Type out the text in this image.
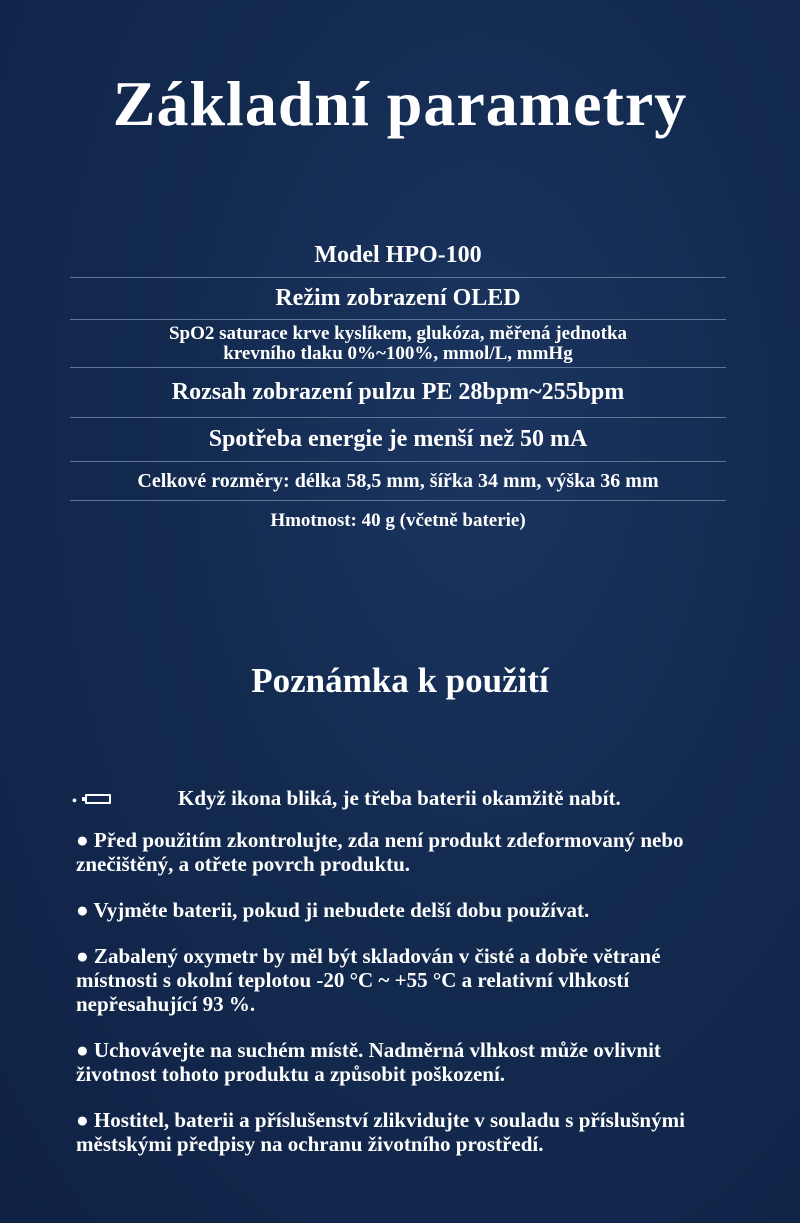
Základní parametry
Model HPO-100
Režim zobrazení OLED
SpO2 saturace krve kyslíkem, glukóza, měřená jednotka
krevního tlaku 0%~100%, mmol/L, mmHg
Rozsah zobrazení pulzu PE 28bpm~255bpm
Spotřeba energie je menší než 50 mA
Celkové rozměry: délka 58,5 mm, šířka 34 mm, výška 36 mm
Hmotnost: 40 g (včetně baterie)
Poznámka k použití
•	Když ikona bliká, je třeba baterii okamžitě nabít.
● Před použitím zkontrolujte, zda není produkt zdeformovaný nebo znečištěný, a otřete povrch produktu.
● Vyjměte baterii, pokud ji nebudete delší dobu používat.
● Zabalený oxymetr by měl být skladován v čisté a dobře větrané místnosti s okolní teplotou -20 °C ~ +55 °C a relativní vlhkostí nepřesahující 93 %.
● Uchovávejte na suchém místě. Nadměrná vlhkost může ovlivnit životnost tohoto produktu a způsobit poškození.
● Hostitel, baterii a příslušenství zlikvidujte v souladu s příslušnými městskými předpisy na ochranu životního prostředí.
